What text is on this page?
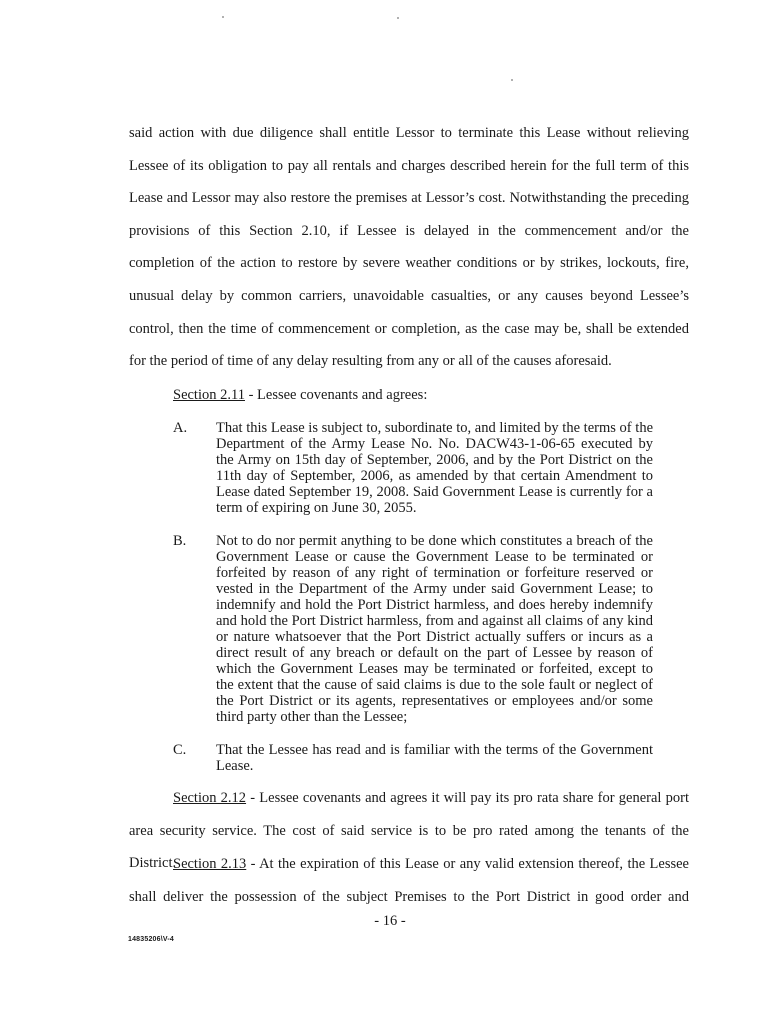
said action with due diligence shall entitle Lessor to terminate this Lease without relieving Lessee of its obligation to pay all rentals and charges described herein for the full term of this Lease and Lessor may also restore the premises at Lessor’s cost. Notwithstanding the preceding provisions of this Section 2.10, if Lessee is delayed in the commencement and/or the completion of the action to restore by severe weather conditions or by strikes, lockouts, fire, unusual delay by common carriers, unavoidable casualties, or any causes beyond Lessee’s control, then the time of commencement or completion, as the case may be, shall be extended for the period of time of any delay resulting from any or all of the causes aforesaid.

Section 2.11 - Lessee covenants and agrees:

A.	That this Lease is subject to, subordinate to, and limited by the terms of the Department of the Army Lease No. No. DACW43-1-06-65 executed by the Army on 15th day of September, 2006, and by the Port District on the 11th day of September, 2006, as amended by that certain Amendment to Lease dated September 19, 2008. Said Government Lease is currently for a term of expiring on June 30, 2055.

B.	Not to do nor permit anything to be done which constitutes a breach of the Government Lease or cause the Government Lease to be terminated or forfeited by reason of any right of termination or forfeiture reserved or vested in the Department of the Army under said Government Lease; to indemnify and hold the Port District harmless, and does hereby indemnify and hold the Port District harmless, from and against all claims of any kind or nature whatsoever that the Port District actually suffers or incurs as a direct result of any breach or default on the part of Lessee by reason of which the Government Leases may be terminated or forfeited, except to the extent that the cause of said claims is due to the sole fault or neglect of the Port District or its agents, representatives or employees and/or some third party other than the Lessee;

C.	That the Lessee has read and is familiar with the terms of the Government Lease.

Section 2.12 - Lessee covenants and agrees it will pay its pro rata share for general port area security service. The cost of said service is to be pro rated among the tenants of the District.

Section 2.13 - At the expiration of this Lease or any valid extension thereof, the Lessee shall deliver the possession of the subject Premises to the Port District in good order and

- 16 -
14835206\V-4
